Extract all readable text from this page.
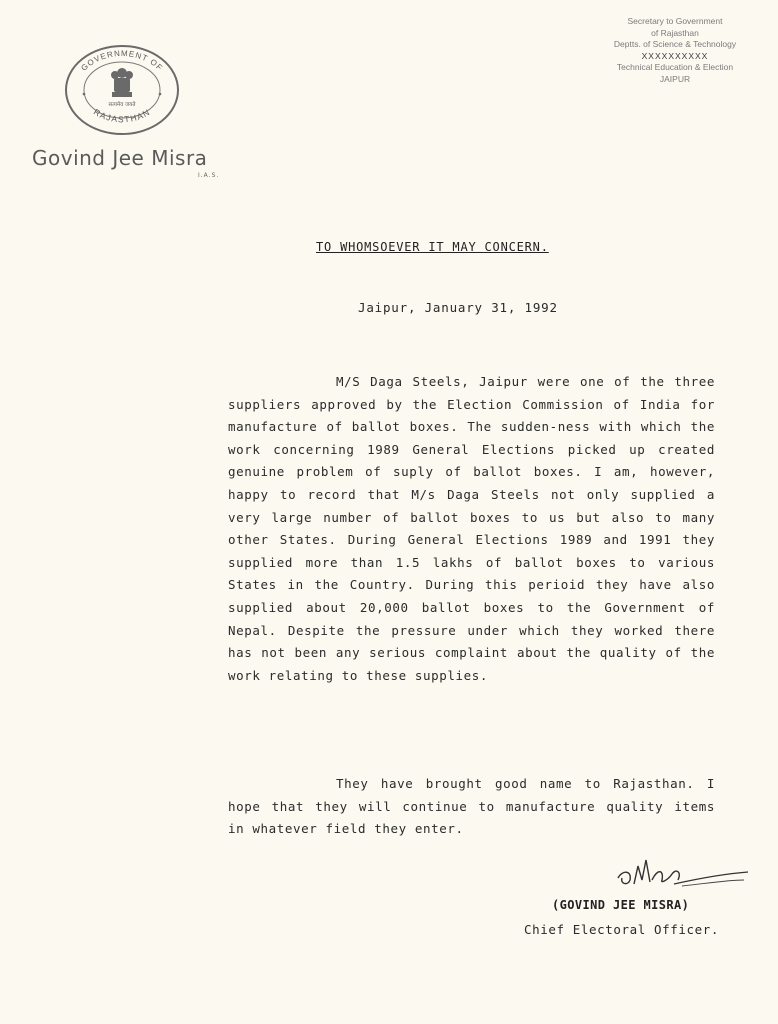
GOVERNMENT OF
RAJASTHAN
सत्यमेव जयते
Govind Jee Misra
I.A.S.
Secretary to Government
of Rajasthan
Deptts. of Science & Technology
XXXXXXXXXX
Technical Education & Election
JAIPUR
TO WHOMSOEVER IT MAY CONCERN.
Jaipur, January 31, 1992
M/S Daga Steels, Jaipur were one of the three suppliers approved by the Election Commission of India for manufacture of ballot boxes. The sudden-ness with which the work concerning 1989 General Elections picked up created genuine problem of suply of ballot boxes. I am, however, happy to record that M/s Daga Steels not only supplied a very large number of ballot boxes to us but also to many other States. During General Elections 1989 and 1991 they supplied more than 1.5 lakhs of ballot boxes to various States in the Country. During this perioid they have also supplied about 20,000 ballot boxes to the Government of Nepal. Despite the pressure under which they worked there has not been any serious complaint about the quality of the work relating to these supplies.
They have brought good name to Rajasthan. I hope that they will continue to manufacture quality items in whatever field they enter.
(GOVIND JEE MISRA)
Chief Electoral Officer.
